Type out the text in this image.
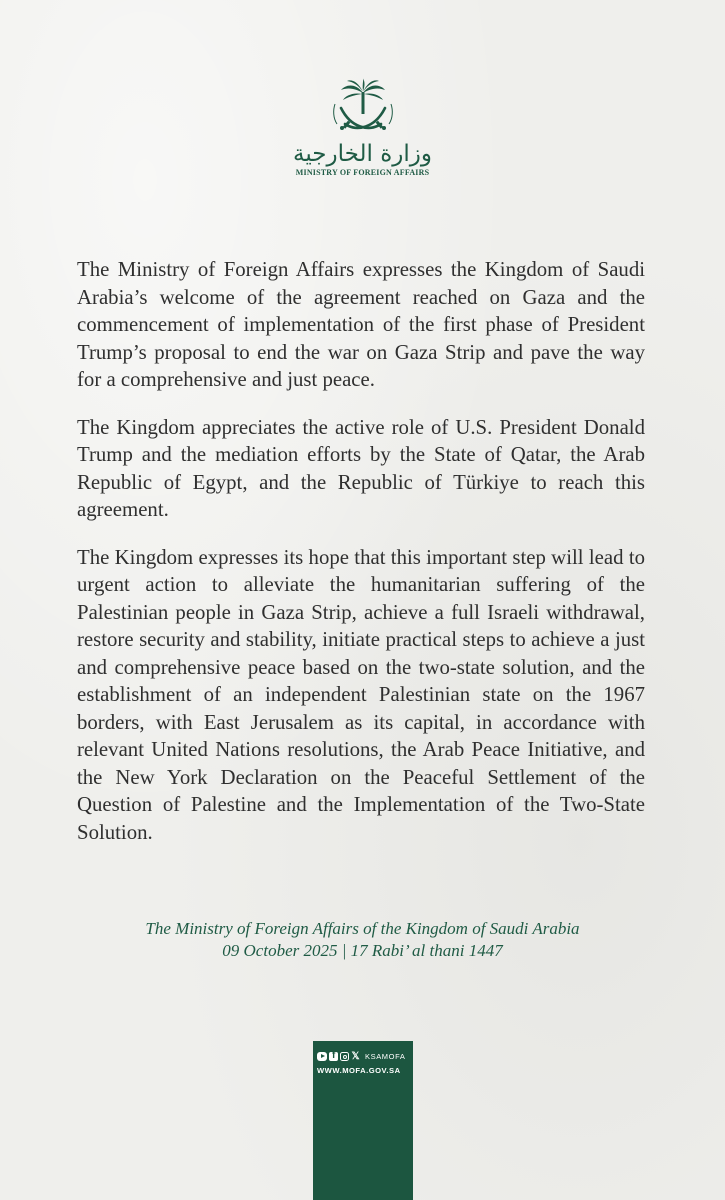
وزارة الخارجية
MINISTRY OF FOREIGN AFFAIRS

The Ministry of Foreign Affairs expresses the Kingdom of Saudi Arabia’s welcome of the agreement reached on Gaza and the commencement of implementation of the first phase of President Trump’s proposal to end the war on Gaza Strip and pave the way for a comprehensive and just peace.

The Kingdom appreciates the active role of U.S. President Donald Trump and the mediation efforts by the State of Qatar, the Arab Republic of Egypt, and the Republic of Türkiye to reach this agreement.

The Kingdom expresses its hope that this important step will lead to urgent action to alleviate the humanitarian suffering of the Palestinian people in Gaza Strip, achieve a full Israeli withdrawal, restore security and stability, initiate practical steps to achieve a just and comprehensive peace based on the two-state solution, and the establishment of an independent Palestinian state on the 1967 borders, with East Jerusalem as its capital, in accordance with relevant United Nations resolutions, the Arab Peace Initiative, and the New York Declaration on the Peaceful Settlement of the Question of Palestine and the Implementation of the Two-State Solution.

The Ministry of Foreign Affairs of the Kingdom of Saudi Arabia
09 October 2025 | 17 Rabi’ al thani 1447
f
𝕏 KSAMOFA
WWW.MOFA.GOV.SA
